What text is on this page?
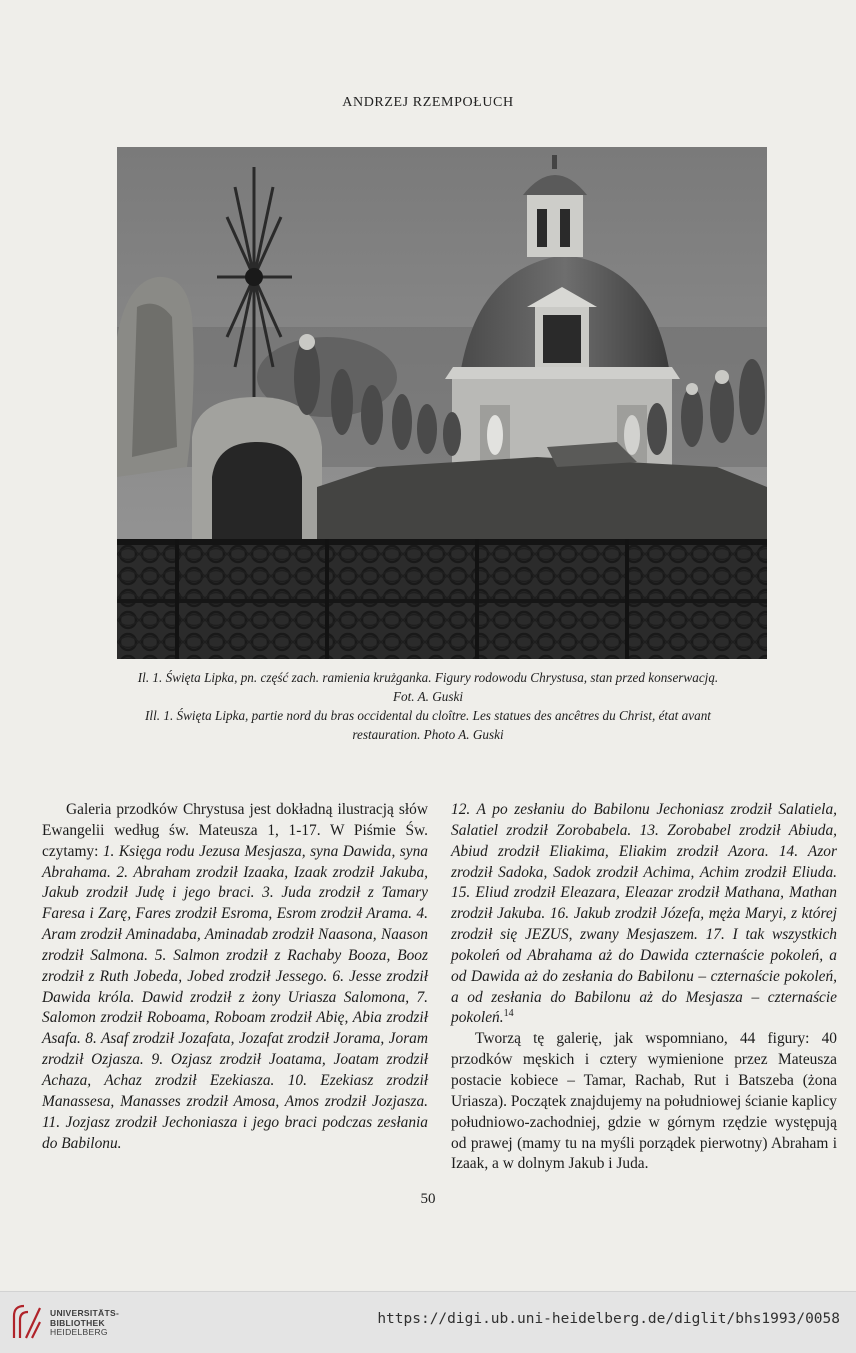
ANDRZEJ RZEMPOŁUCH

Il. 1. Święta Lipka, pn. część zach. ramienia krużganka. Figury rodowodu Chrystusa, stan przed konserwacją.

Fot. A. Guski

Ill. 1. Święta Lipka, partie nord du bras occidental du cloître. Les statues des ancêtres du Christ, état avant

restauration. Photo A. Guski

Galeria przodków Chrystusa jest dokładną ilustracją słów Ewangelii według św. Mateusza 1, 1-17. W Piśmie Św. czytamy: 1. Księga rodu Jezusa Mesjasza, syna Dawida, syna Abrahama. 2. Abraham zrodził Izaaka, Izaak zrodził Jakuba, Jakub zrodził Judę i jego braci. 3. Juda zrodził z Tamary Faresa i Zarę, Fares zrodził Esroma, Esrom zrodził Arama. 4. Aram zrodził Aminadaba, Aminadab zrodził Naasona, Naason zrodził Salmona. 5. Salmon zrodził z Rachaby Booza, Booz zrodził z Ruth Jobeda, Jobed zrodził Jessego. 6. Jesse zrodził Dawida króla. Dawid zrodził z żony Uriasza Salomona, 7. Salomon zrodził Roboama, Roboam zrodził Abię, Abia zrodził Asafa. 8. Asaf zrodził Jozafata, Jozafat zrodził Jorama, Joram zrodził Ozjasza. 9. Ozjasz zrodził Joatama, Joatam zrodził Achaza, Achaz zrodził Ezekiasza. 10. Ezekiasz zrodził Manassesa, Manasses zrodził Amosa, Amos zrodził Jozjasza. 11. Jozjasz zrodził Jechoniasza i jego braci podczas zesłania do Babilonu.

12. A po zesłaniu do Babilonu Jechoniasz zrodził Salatiela, Salatiel zrodził Zorobabela. 13. Zorobabel zrodził Abiuda, Abiud zrodził Eliakima, Eliakim zrodził Azora. 14. Azor zrodził Sadoka, Sadok zrodził Achima, Achim zrodził Eliuda. 15. Eliud zrodził Eleazara, Eleazar zrodził Mathana, Mathan zrodził Jakuba. 16. Jakub zrodził Józefa, męża Maryi, z której zrodził się JEZUS, zwany Mesjaszem. 17. I tak wszystkich pokoleń od Abrahama aż do Dawida czternaście pokoleń, a od Dawida aż do zesłania do Babilonu – czternaście pokoleń, a od zesłania do Babilonu aż do Mesjasza – czternaście pokoleń.$^{14}$

Tworzą tę galerię, jak wspomniano, 44 figury: 40 przodków męskich i cztery wymienione przez Mateusza postacie kobiece – Tamar, Rachab, Rut i Batszeba (żona Uriasza). Początek znajdujemy na południowej ścianie kaplicy południowo-zachodniej, gdzie w górnym rzędzie występują od prawej (mamy tu na myśli porządek pierwotny) Abraham i Izaak, a w dolnym Jakub i Juda.

50
UNIVERSITÄTS-
BIBLIOTHEK
HEIDELBERG
https://digi.ub.uni-heidelberg.de/diglit/bhs1993/0058
